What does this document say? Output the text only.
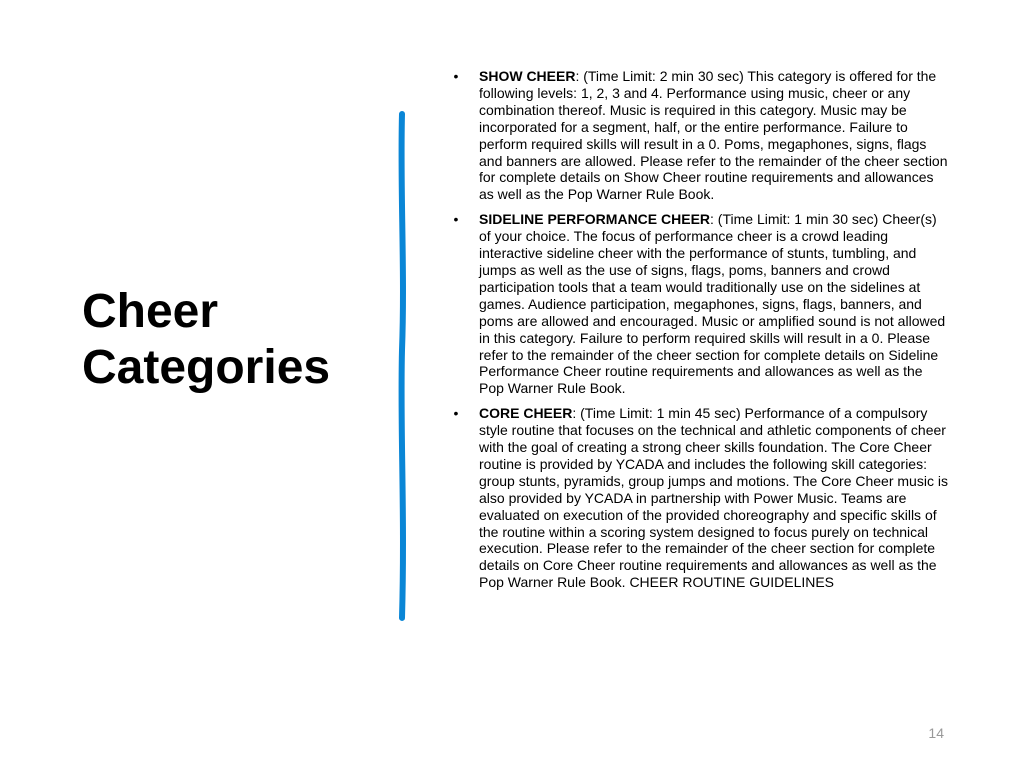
Cheer
Categories
• SHOW CHEER: (Time Limit: 2 min 30 sec) This category is offered for the following levels: 1, 2, 3 and 4. Performance using music, cheer or any combination thereof. Music is required in this category. Music may be incorporated for a segment, half, or the entire performance. Failure to perform required skills will result in a 0. Poms, megaphones, signs, flags and banners are allowed. Please refer to the remainder of the cheer section for complete details on Show Cheer routine requirements and allowances as well as the Pop Warner Rule Book.
• SIDELINE PERFORMANCE CHEER: (Time Limit: 1 min 30 sec) Cheer(s) of your choice. The focus of performance cheer is a crowd leading interactive sideline cheer with the performance of stunts, tumbling, and jumps as well as the use of signs, flags, poms, banners and crowd participation tools that a team would traditionally use on the sidelines at games. Audience participation, megaphones, signs, flags, banners, and poms are allowed and encouraged. Music or amplified sound is not allowed in this category. Failure to perform required skills will result in a 0. Please refer to the remainder of the cheer section for complete details on Sideline Performance Cheer routine requirements and allowances as well as the Pop Warner Rule Book.
• CORE CHEER: (Time Limit: 1 min 45 sec) Performance of a compulsory style routine that focuses on the technical and athletic components of cheer with the goal of creating a strong cheer skills foundation. The Core Cheer routine is provided by YCADA and includes the following skill categories: group stunts, pyramids, group jumps and motions. The Core Cheer music is also provided by YCADA in partnership with Power Music. Teams are evaluated on execution of the provided choreography and specific skills of the routine within a scoring system designed to focus purely on technical execution. Please refer to the remainder of the cheer section for complete details on Core Cheer routine requirements and allowances as well as the Pop Warner Rule Book. CHEER ROUTINE GUIDELINES
14
